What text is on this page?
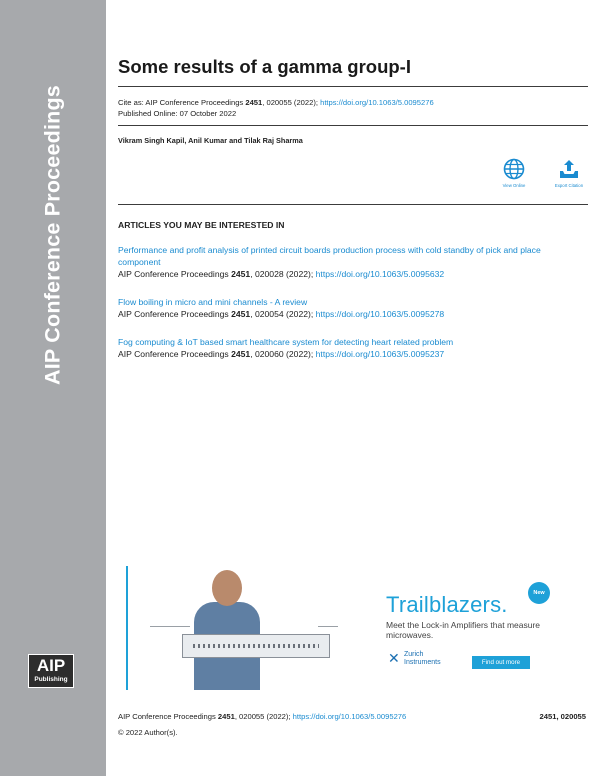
AIP Conference Proceedings
AIP
Publishing
Some results of a gamma group-I
Cite as: AIP Conference Proceedings 2451, 020055 (2022); https://doi.org/10.1063/5.0095276
Published Online: 07 October 2022
Vikram Singh Kapil, Anil Kumar and Tilak Raj Sharma
View Online	Export Citation
ARTICLES YOU MAY BE INTERESTED IN
Performance and profit analysis of printed circuit boards production process with cold standby of pick and place component
AIP Conference Proceedings 2451, 020028 (2022); https://doi.org/10.1063/5.0095632
Flow boiling in micro and mini channels - A review
AIP Conference Proceedings 2451, 020054 (2022); https://doi.org/10.1063/5.0095278
Fog computing & IoT based smart healthcare system for detecting heart related problem
AIP Conference Proceedings 2451, 020060 (2022); https://doi.org/10.1063/5.0095237
Trailblazers.	New
Meet the Lock-in Amplifiers that measure microwaves.
✕ Zurich
Instruments	Find out more
AIP Conference Proceedings 2451, 020055 (2022); https://doi.org/10.1063/5.0095276	2451, 020055
© 2022 Author(s).
